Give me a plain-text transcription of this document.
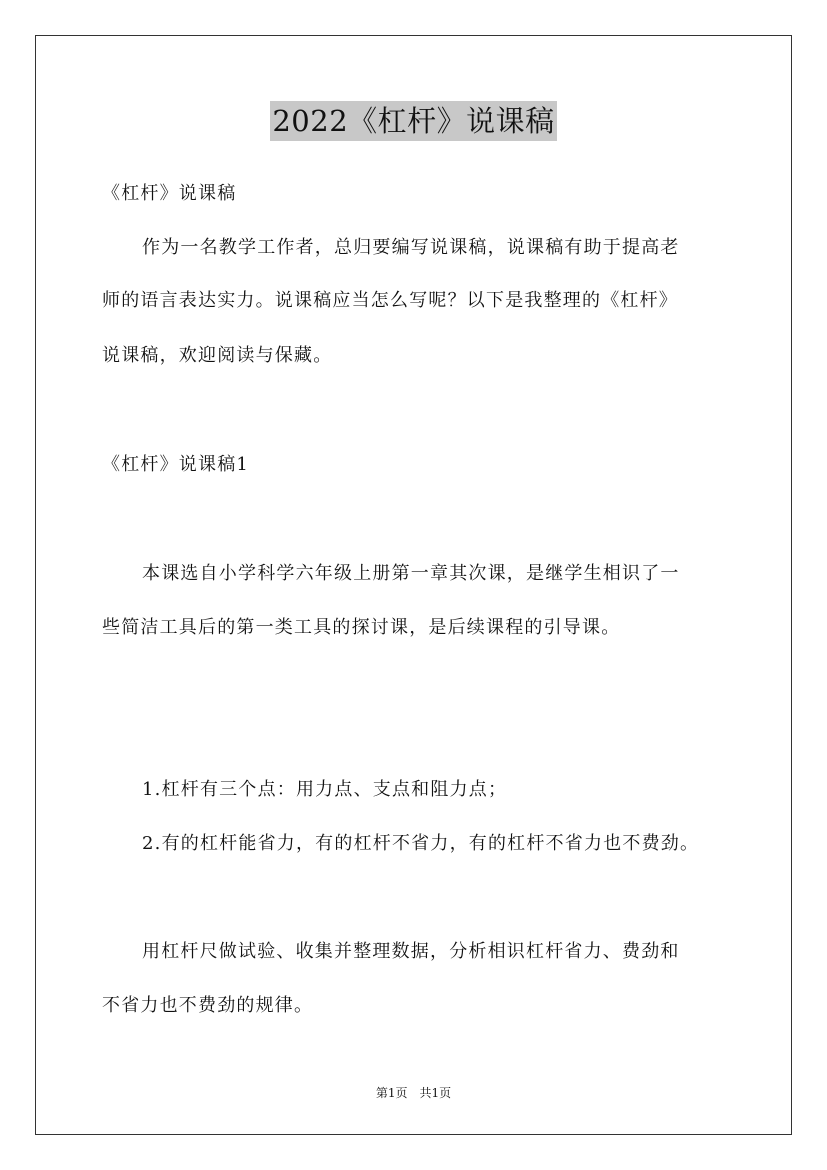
2022《杠杆》说课稿
《杠杆》说课稿
作为一名教学工作者，总归要编写说课稿，说课稿有助于提高老
师的语言表达实力。说课稿应当怎么写呢？以下是我整理的《杠杆》
说课稿，欢迎阅读与保藏。
《杠杆》说课稿1
本课选自小学科学六年级上册第一章其次课，是继学生相识了一
些简洁工具后的第一类工具的探讨课，是后续课程的引导课。
1.杠杆有三个点：用力点、支点和阻力点；
2.有的杠杆能省力，有的杠杆不省力，有的杠杆不省力也不费劲。
用杠杆尺做试验、收集并整理数据，分析相识杠杆省力、费劲和
不省力也不费劲的规律。
第1页　共1页
